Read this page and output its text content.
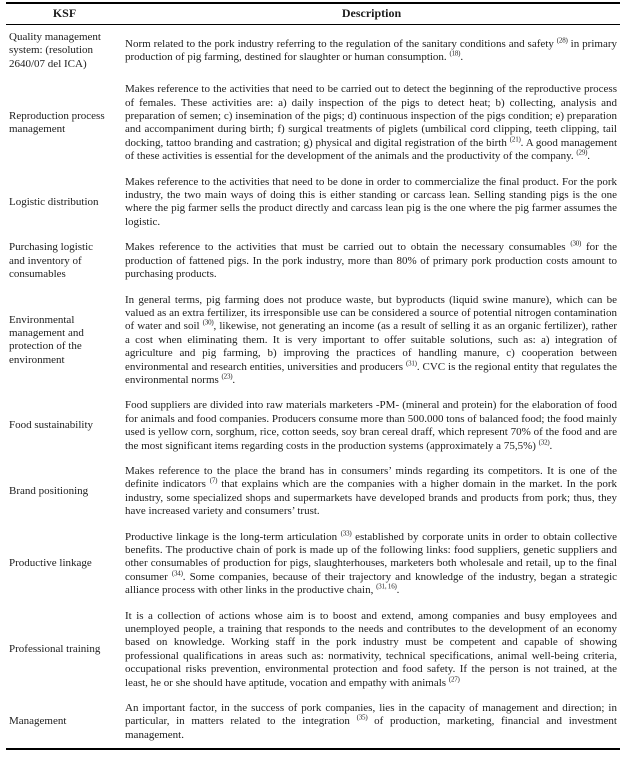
KSF	Description
Quality management system: (resolution 2640/07 del ICA)	Norm related to the pork industry referring to the regulation of the sanitary conditions and safety $^{(28)}$ in primary production of pig farming, destined for slaughter or human consumption. $^{(18)}$.
Reproduction process management	Makes reference to the activities that need to be carried out to detect the beginning of the reproductive process of females. These activities are: a) daily inspection of the pigs to detect heat; b) collecting, analysis and preparation of semen; c) insemination of the pigs; d) continuous inspection of the pigs condition; e) preparation and accompaniment during birth; f) surgical treatments of piglets (umbilical cord clipping, teeth clipping, tail docking, tattoo branding and castration; g) physical and digital registration of the birth $^{(21)}$. A good management of these activities is essential for the development of the animals and the productivity of the company. $^{(29)}$.
Logistic distribution	Makes reference to the activities that need to be done in order to commercialize the final product. For the pork industry, the two main ways of doing this is either standing or carcass lean. Selling standing pigs is the one where the pig farmer sells the product directly and carcass lean pig is the one where the pig farmer assumes the logistic.
Purchasing logistic and inventory of consumables	Makes reference to the activities that must be carried out to obtain the necessary consumables $^{(30)}$ for the production of fattened pigs. In the pork industry, more than 80% of primary pork production costs amount to purchasing products.
Environmental management and protection of the environment	In general terms, pig farming does not produce waste, but byproducts (liquid swine manure), which can be valued as an extra fertilizer, its irresponsible use can be considered a source of potential nitrogen contamination of water and soil $^{(30)}$, likewise, not generating an income (as a result of selling it as an organic fertilizer), rather a cost when eliminating them. It is very important to offer suitable solutions, such as: a) integration of agriculture and pig farming, b) improving the practices of handling manure, c) cooperation between environmental and research entities, universities and producers $^{(31)}$. CVC is the regional entity that regulates the environmental norms $^{(23)}$.
Food sustainability	Food suppliers are divided into raw materials marketers -PM- (mineral and protein) for the elaboration of food for animals and food companies. Producers consume more than 500.000 tons of balanced food; the food mainly used is yellow corn, sorghum, rice, cotton seeds, soy bran cereal draff, which represent 70% of the food and are the most significant items regarding costs in the production systems (approximately a 75,5%) $^{(32)}$.
Brand positioning	Makes reference to the place the brand has in consumers’ minds regarding its competitors. It is one of the definite indicators $^{(7)}$ that explains which are the companies with a higher domain in the market. In the pork industry, some specialized shops and supermarkets have developed brands and products from pork; thus, they have increased variety and consumers’ trust.
Productive linkage	Productive linkage is the long-term articulation $^{(33)}$ established by corporate units in order to obtain collective benefits. The productive chain of pork is made up of the following links: food suppliers, genetic suppliers and other consumables of production for pigs, slaughterhouses, marketers both wholesale and retail, up to the final consumer $^{(34)}$. Some companies, because of their trajectory and knowledge of the industry, began a strategic alliance process with other links in the productive chain, $^{(31, 16)}$.
Professional training	It is a collection of actions whose aim is to boost and extend, among companies and busy employees and unemployed people, a training that responds to the needs and contributes to the development of an economy based on knowledge. Working staff in the pork industry must be competent and capable of showing professional qualifications in areas such as: normativity, technical specifications, animal well-being criteria, occupational risks prevention, environmental protection and food safety. If the person is not trained, at the least, he or she should have aptitude, vocation and empathy with animals $^{(27)}$
Management	An important factor, in the success of pork companies, lies in the capacity of management and direction; in particular, in matters related to the integration $^{(35)}$ of production, marketing, financial and investment management.
